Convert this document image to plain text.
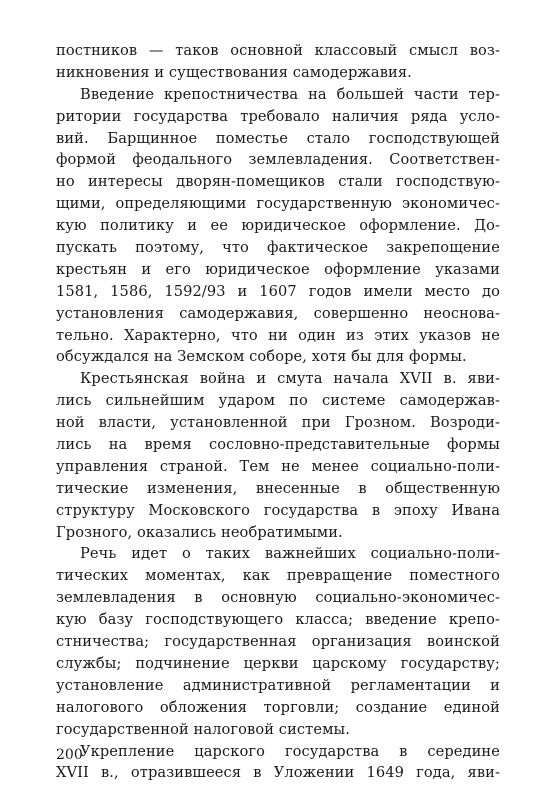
постников — таков основной классовый смысл воз-
никновения и существования самодержавия.
Введение крепостничества на большей части тер-
ритории государства требовало наличия ряда усло-
вий. Барщинное поместье стало господствующей
формой феодального землевладения. Соответствен-
но интересы дворян-помещиков стали господствую-
щими, определяющими государственную экономичес-
кую политику и ее юридическое оформление. До-
пускать поэтому, что фактическое закрепощение
крестьян и его юридическое оформление указами
1581, 1586, 1592/93 и 1607 годов имели место до
установления самодержавия, совершенно неоснова-
тельно. Характерно, что ни один из этих указов не
обсуждался на Земском соборе, хотя бы для формы.
Крестьянская война и смута начала XVII в. яви-
лись сильнейшим ударом по системе самодержав-
ной власти, установленной при Грозном. Возроди-
лись на время сословно-представительные формы
управления страной. Тем не менее социально-поли-
тические изменения, внесенные в общественную
структуру Московского государства в эпоху Ивана
Грозного, оказались необратимыми.
Речь идет о таких важнейших социально-поли-
тических моментах, как превращение поместного
землевладения в основную социально-экономичес-
кую базу господствующего класса; введение крепо-
стничества; государственная организация воинской
службы; подчинение церкви царскому государству;
установление административной регламентации и
налогового обложения торговли; создание единой
государственной налоговой системы.
Укрепление царского государства в середине
XVII в., отразившееся в Уложении 1649 года, яви-
200
